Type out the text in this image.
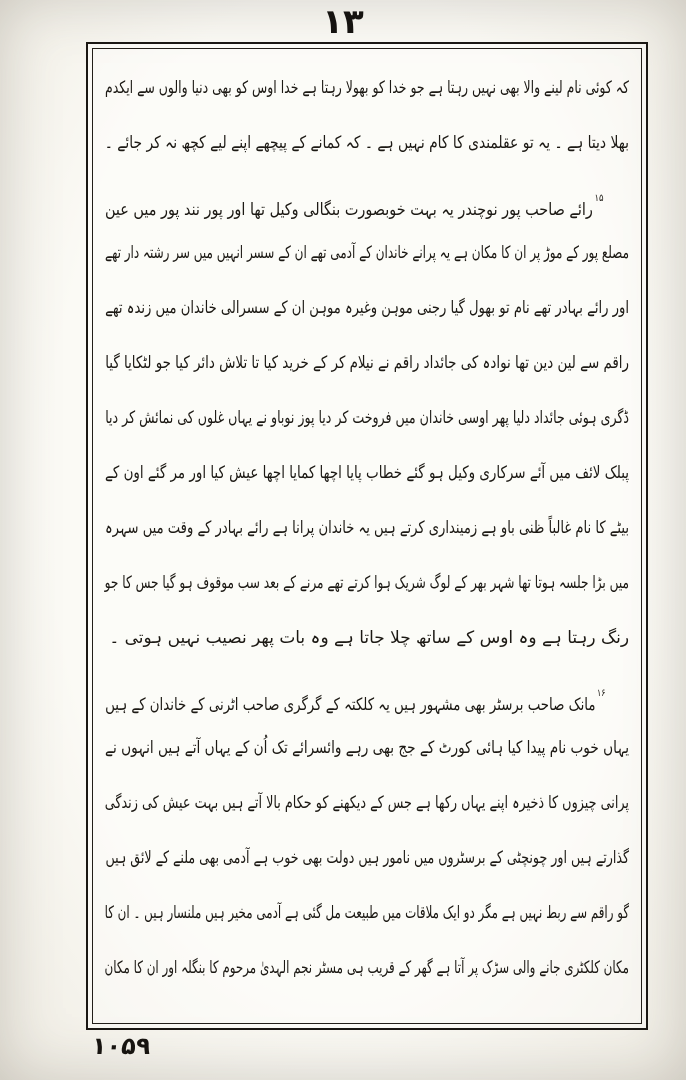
۱۳
کہ کوئی نام لینے والا بھی نہیں رہتا ہے جو خدا کو بھولا رہتا ہے خدا اوس کو بھی دنیا والوں سے ایکدم
بھلا دیتا ہے ۔ یہ تو عقلمندی کا کام نہیں ہے ۔ کہ کمانے کے پیچھے اپنے لیے کچھ نہ کر جائے ۔
۱۵رائے صاحب پور نوچندر یہ بہت خوبصورت بنگالی وکیل تھا اور پور نند پور میں عین
مصلع پور کے موڑ پر ان کا مکان ہے یہ پرانے خاندان کے آدمی تھے ان کے سسر انہیں میں سر رشتہ دار تھے
اور رائے بہادر تھے نام تو بھول گیا رجنی موہن وغیرہ موہن ان کے سسرالی خاندان میں زندہ تھے
راقم سے لین دین تھا نوادہ کی جائداد راقم نے نیلام کر کے خرید کیا تا تلاش دائر کیا جو لٹکایا گیا
ڈگری ہوئی جائداد دلیا پھر اوسی خاندان میں فروخت کر دیا پوز نوباو نے یہاں غلوں کی نمائش کر دیا
پبلک لائف میں آئے سرکاری وکیل ہو گئے خطاب پایا اچھا کمایا اچھا عیش کیا اور مر گئے اون کے
بیٹے کا نام غالباً ظنی باو ہے زمینداری کرتے ہیں یہ خاندان پرانا ہے رائے بہادر کے وقت میں سہرہ
میں بڑا جلسہ ہوتا تھا شہر بھر کے لوگ شریک ہوا کرتے تھے مرنے کے بعد سب موقوف ہو گیا جس کا جو
رنگ رہتا ہے وہ اوس کے ساتھ چلا جاتا ہے وہ بات پھر نصیب نہیں ہوتی ۔
۱۶مانک صاحب برسٹر بھی مشہور ہیں یہ کلکتہ کے گرگری صاحب اٹرنی کے خاندان کے ہیں
یہاں خوب نام پیدا کیا ہائی کورٹ کے جج بھی رہے وائسرائے تک اُن کے یہاں آتے ہیں انہوں نے
پرانی چیزوں کا ذخیرہ اپنے یہاں رکھا ہے جس کے دیکھنے کو حکام بالا آتے ہیں بہت عیش کی زندگی
گذارتے ہیں اور چونچٹی کے برسٹروں میں نامور ہیں دولت بھی خوب ہے آدمی بھی ملنے کے لائق ہیں
گو راقم سے ربط نہیں ہے مگر دو ایک ملاقات میں طبیعت مل گئی ہے آدمی مخیر ہیں ملنسار ہیں ۔ ان کا
مکان کلکٹری جانے والی سڑک پر آتا ہے گھر کے قریب ہی مسٹر نجم الہدیٰ مرحوم کا بنگلہ اور ان کا مکان
۱۰۵۹
